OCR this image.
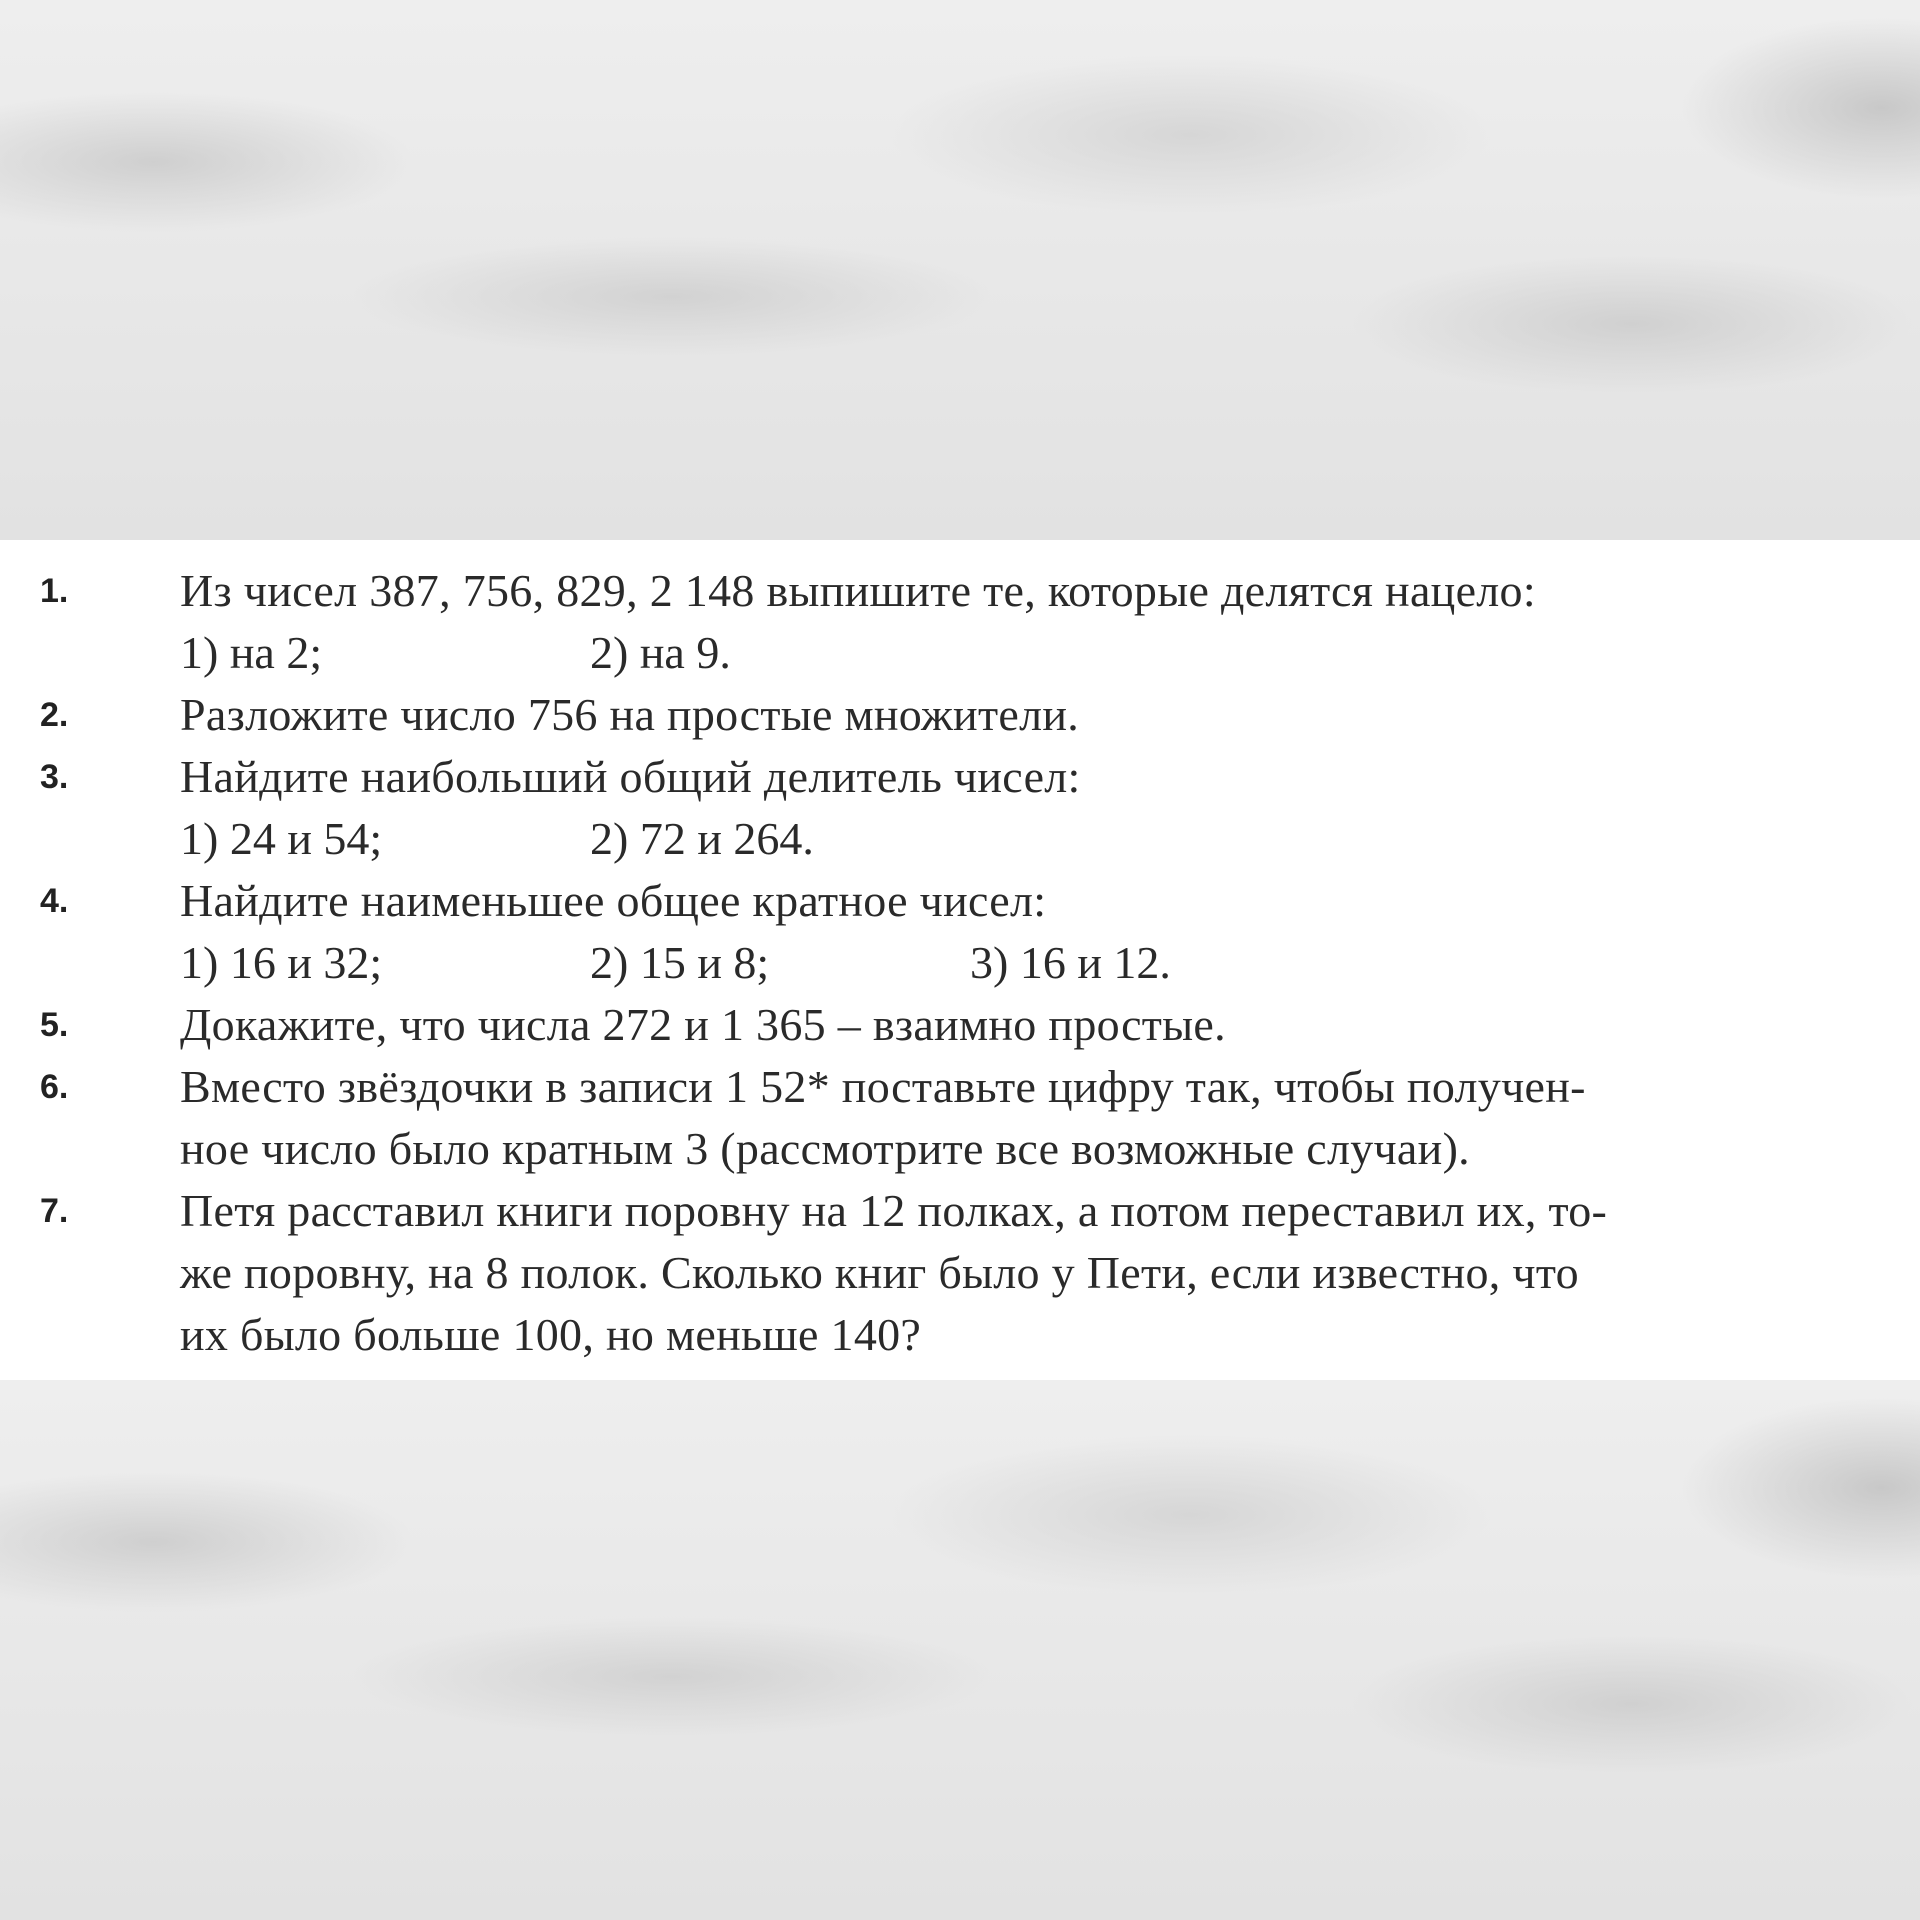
1. Из чисел 387, 756, 829, 2 148 выпишите те, которые делятся нацело:
1) на 2;	2) на 9.
2. Разложите число 756 на простые множители.
3. Найдите наибольший общий делитель чисел:
1) 24 и 54;	2) 72 и 264.
4. Найдите наименьшее общее кратное чисел:
1) 16 и 32;	2) 15 и 8;	3) 16 и 12.
5. Докажите, что числа 272 и 1 365 – взаимно простые.
6. Вместо звёздочки в записи 1 52* поставьте цифру так, чтобы получен-
ное число было кратным 3 (рассмотрите все возможные случаи).
7. Петя расставил книги поровну на 12 полках, а потом переставил их, то-
же поровну, на 8 полок. Сколько книг было у Пети, если известно, что
их было больше 100, но меньше 140?
